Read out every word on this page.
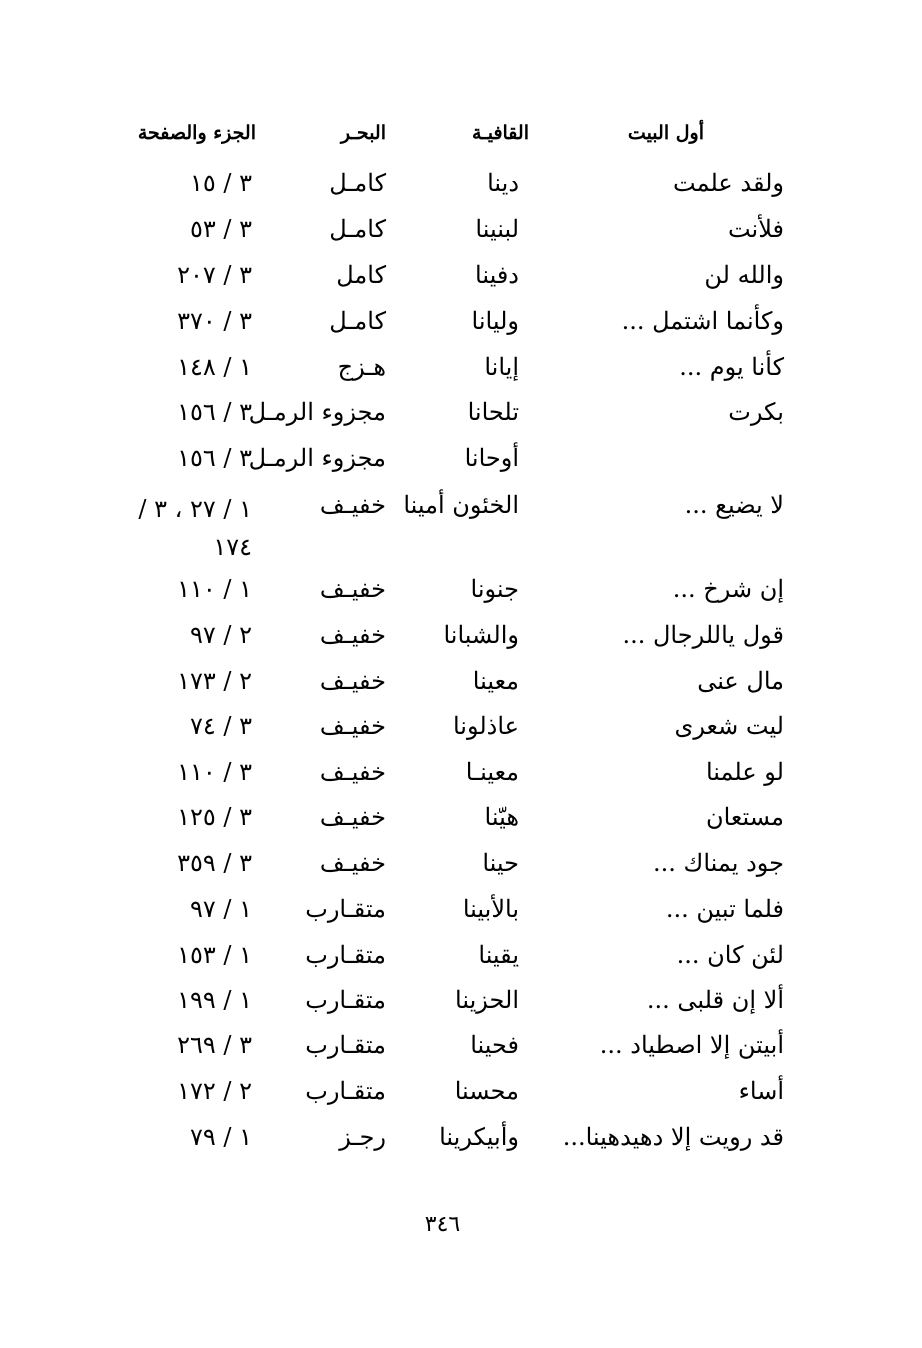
أول البيت
القافيـة
البحـر
الجزء والصفحة
ولقد علمت
دينا
كامـل
٣ / ١٥
فلأنت
لبنينا
كامـل
٣ / ٥٣
والله لن
دفينا
كامل
٣ / ٢٠٧
وكأنما اشتمل ...
وليانا
كامـل
٣ / ٣٧٠
كأنا يوم ...
إيانا
هـزج
١ / ١٤٨
بكرت
تلحانا
مجزوء الرمـل
٣ / ١٥٦
أوحانا
مجزوء الرمـل
٣ / ١٥٦
لا يضيع ...
الخئون أمينا
خفيـف
١ / ٢٧ ، ٣ / ١٧٤
إن شرخ ...
جنونا
خفيـف
١ / ١١٠
قول ياللرجال ...
والشبانا
خفيـف
٢ / ٩٧
مال عنى
معينا
خفيـف
٢ / ١٧٣
ليت شعرى
عاذلونا
خفيـف
٣ / ٧٤
لو علمنا
معينـا
خفيـف
٣ / ١١٠
مستعان
هيّنا
خفيـف
٣ / ١٢٥
جود يمناك ...
حينا
خفيـف
٣ / ٣٥٩
فلما تبين ...
بالأبينا
متقـارب
١ / ٩٧
لئن كان ...
يقينا
متقـارب
١ / ١٥٣
ألا إن قلبى ...
الحزينا
متقـارب
١ / ١٩٩
أبيتن إلا اصطياد ...
فحينا
متقـارب
٣ / ٢٦٩
أساء
محسنا
متقـارب
٢ / ١٧٢
قد رويت إلا دهيدهينا...
وأبيكرينا
رجـز
١ / ٧٩
٣٤٦
